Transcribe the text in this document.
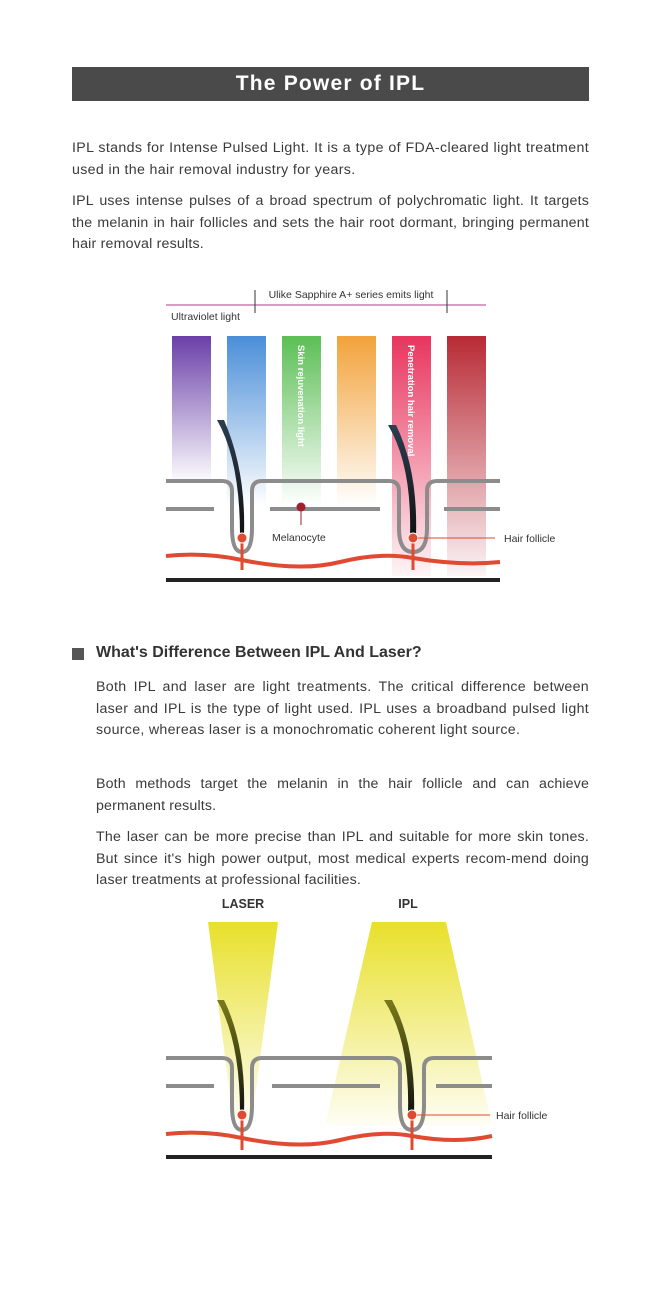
The Power of IPL

IPL stands for Intense Pulsed Light. It is a type of FDA-cleared light treatment used in the hair removal industry for years.

IPL uses intense pulses of a broad spectrum of polychromatic light. It targets the melanin in hair follicles and sets the hair root dormant, bringing permanent hair removal results.

Ulike Sapphire A+ series emits light
Ultraviolet light
Skin rejuvenation light	Penetration hair removal
Melanocyte	Hair follicle
LASER	IPL
Hair follicle
What's Difference Between IPL And Laser?

Both IPL and laser are light treatments. The critical difference between laser and IPL is the type of light used. IPL uses a broadband pulsed light source, whereas laser is a monochromatic coherent light source.

Both methods target the melanin in the hair follicle and can achieve permanent results.

The laser can be more precise than IPL and suitable for more skin tones. But since it's high power output, most medical experts recom-mend doing laser treatments at professional facilities.
